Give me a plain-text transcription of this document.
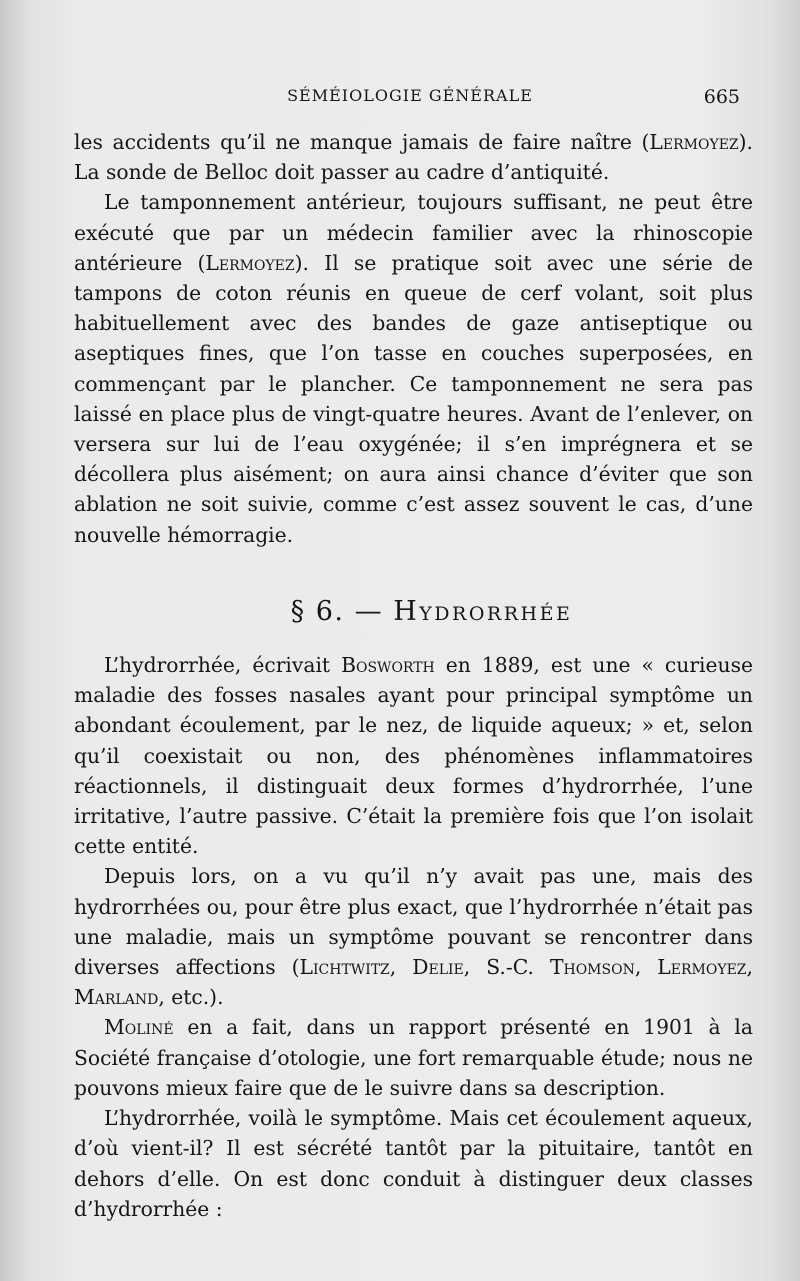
SÉMÉIOLOGIE GÉNÉRALE	665

les accidents qu’il ne manque jamais de faire naître (Lermoyez). La sonde de Belloc doit passer au cadre d’antiquité.

Le tamponnement antérieur, toujours suffisant, ne peut être exécuté que par un médecin familier avec la rhinoscopie antérieure (Lermoyez). Il se pratique soit avec une série de tampons de coton réunis en queue de cerf volant, soit plus habituellement avec des bandes de gaze antiseptique ou aseptiques fines, que l’on tasse en couches superposées, en commençant par le plancher. Ce tamponnement ne sera pas laissé en place plus de vingt-quatre heures. Avant de l’enlever, on versera sur lui de l’eau oxygénée; il s’en imprégnera et se décollera plus aisément; on aura ainsi chance d’éviter que son ablation ne soit suivie, comme c’est assez souvent le cas, d’une nouvelle hémorragie.

§ 6. — Hydrorrhée

L’hydrorrhée, écrivait Bosworth en 1889, est une « curieuse maladie des fosses nasales ayant pour principal symptôme un abondant écoulement, par le nez, de liquide aqueux; » et, selon qu’il coexistait ou non, des phénomènes inflammatoires réactionnels, il distinguait deux formes d’hydrorrhée, l’une irritative, l’autre passive. C’était la première fois que l’on isolait cette entité.

Depuis lors, on a vu qu’il n’y avait pas une, mais des hydrorrhées ou, pour être plus exact, que l’hydrorrhée n’était pas une maladie, mais un symptôme pouvant se rencontrer dans diverses affections (Lichtwitz, Delie, S.-C. Thomson, Lermoyez, Marland, etc.).

Moliné en a fait, dans un rapport présenté en 1901 à la Société française d’otologie, une fort remarquable étude; nous ne pouvons mieux faire que de le suivre dans sa description.

L’hydrorrhée, voilà le symptôme. Mais cet écoulement aqueux, d’où vient-il? Il est sécrété tantôt par la pituitaire, tantôt en dehors d’elle. On est donc conduit à distinguer deux classes d’hydrorrhée :
